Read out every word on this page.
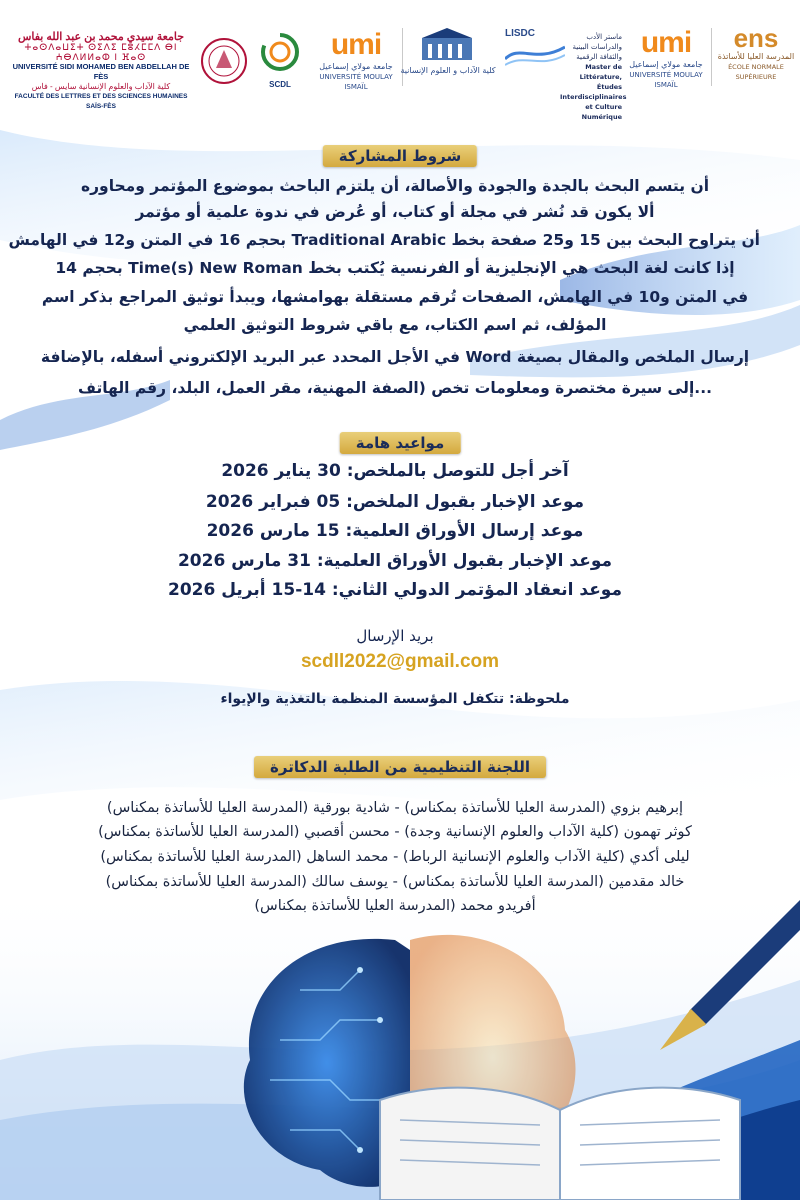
جامعة سيدي محمد بن عبد الله بفاس
ⵜⴰⵙⴷⴰⵡⵉⵜ ⵙⵉⴷⵉ ⵎⵓⵃⵎⵎⴷ ⴱⵏ ⵄⴱⴷⵍⵍⴰⵀ ⵏ ⴼⴰⵙ
UNIVERSITÉ SIDI MOHAMED BEN ABDELLAH DE FÈS
كلية الآداب والعلوم الإنسانية سايس - فاس
FACULTÉ DES LETTRES ET DES SCIENCES HUMAINES SAÏS-FÈS
SCDL
umi
جامعة مولاي إسماعيل
UNIVERSITÉ MOULAY ISMAÏL
كلية الآداب و العلوم الإنسانية
LISDC	ماستر الأدب والدراسات البينية والثقافة الرقمية
Master de Littérature, Études Interdisciplinaires et Culture Numérique
umi
جامعة مولاي إسماعيل
UNIVERSITÉ MOULAY ISMAÏL
ens
المدرسة العليا للأساتذة
ÉCOLE NORMALE SUPÉRIEURE
شروط المشاركة
أن يتسم البحث بالجدة والجودة والأصالة، أن يلتزم الباحث بموضوع المؤتمر ومحاوره
ألا يكون قد نُشر في مجلة أو كتاب، أو عُرض في ندوة علمية أو مؤتمر
أن يتراوح البحث بين 15 و25 صفحة بخط Traditional Arabic بحجم 16 في المتن و12 في الهامش
إذا كانت لغة البحث هي الإنجليزية أو الفرنسية يُكتب بخط Time(s) New Roman بحجم 14
في المتن و10 في الهامش، الصفحات تُرقم مستقلة بهوامشها، ويبدأ توثيق المراجع بذكر اسم
المؤلف، ثم اسم الكتاب، مع باقي شروط التوثيق العلمي
إرسال الملخص والمقال بصيغة Word في الأجل المحدد عبر البريد الإلكتروني أسفله، بالإضافة
...إلى سيرة مختصرة ومعلومات تخص (الصفة المهنية، مقر العمل، البلد، رقم الهاتف
مواعيد هامة
آخر أجل للتوصل بالملخص: 30 يناير 2026
موعد الإخبار بقبول الملخص: 05 فبراير 2026
موعد إرسال الأوراق العلمية: 15 مارس 2026
موعد الإخبار بقبول الأوراق العلمية: 31 مارس 2026
موعد انعقاد المؤتمر الدولي الثاني: 14-15 أبريل 2026
بريد الإرسال
scdll2022@gmail.com
ملحوظة: تتكفل المؤسسة المنظمة بالتغذية والإيواء
اللجنة التنظيمية من الطلبة الدكاترة
إبرهيم بزوي (المدرسة العليا للأساتذة بمكناس) - شادية بورقية (المدرسة العليا للأساتذة بمكناس)
كوثر تهمون (كلية الآداب والعلوم الإنسانية وجدة) - محسن أقصبي (المدرسة العليا للأساتذة بمكناس)
ليلى أكدي (كلية الآداب والعلوم الإنسانية الرباط) - محمد الساهل (المدرسة العليا للأساتذة بمكناس)
خالد مقدمين (المدرسة العليا للأساتذة بمكناس) - يوسف سالك (المدرسة العليا للأساتذة بمكناس)
أفريدو محمد (المدرسة العليا للأساتذة بمكناس)
